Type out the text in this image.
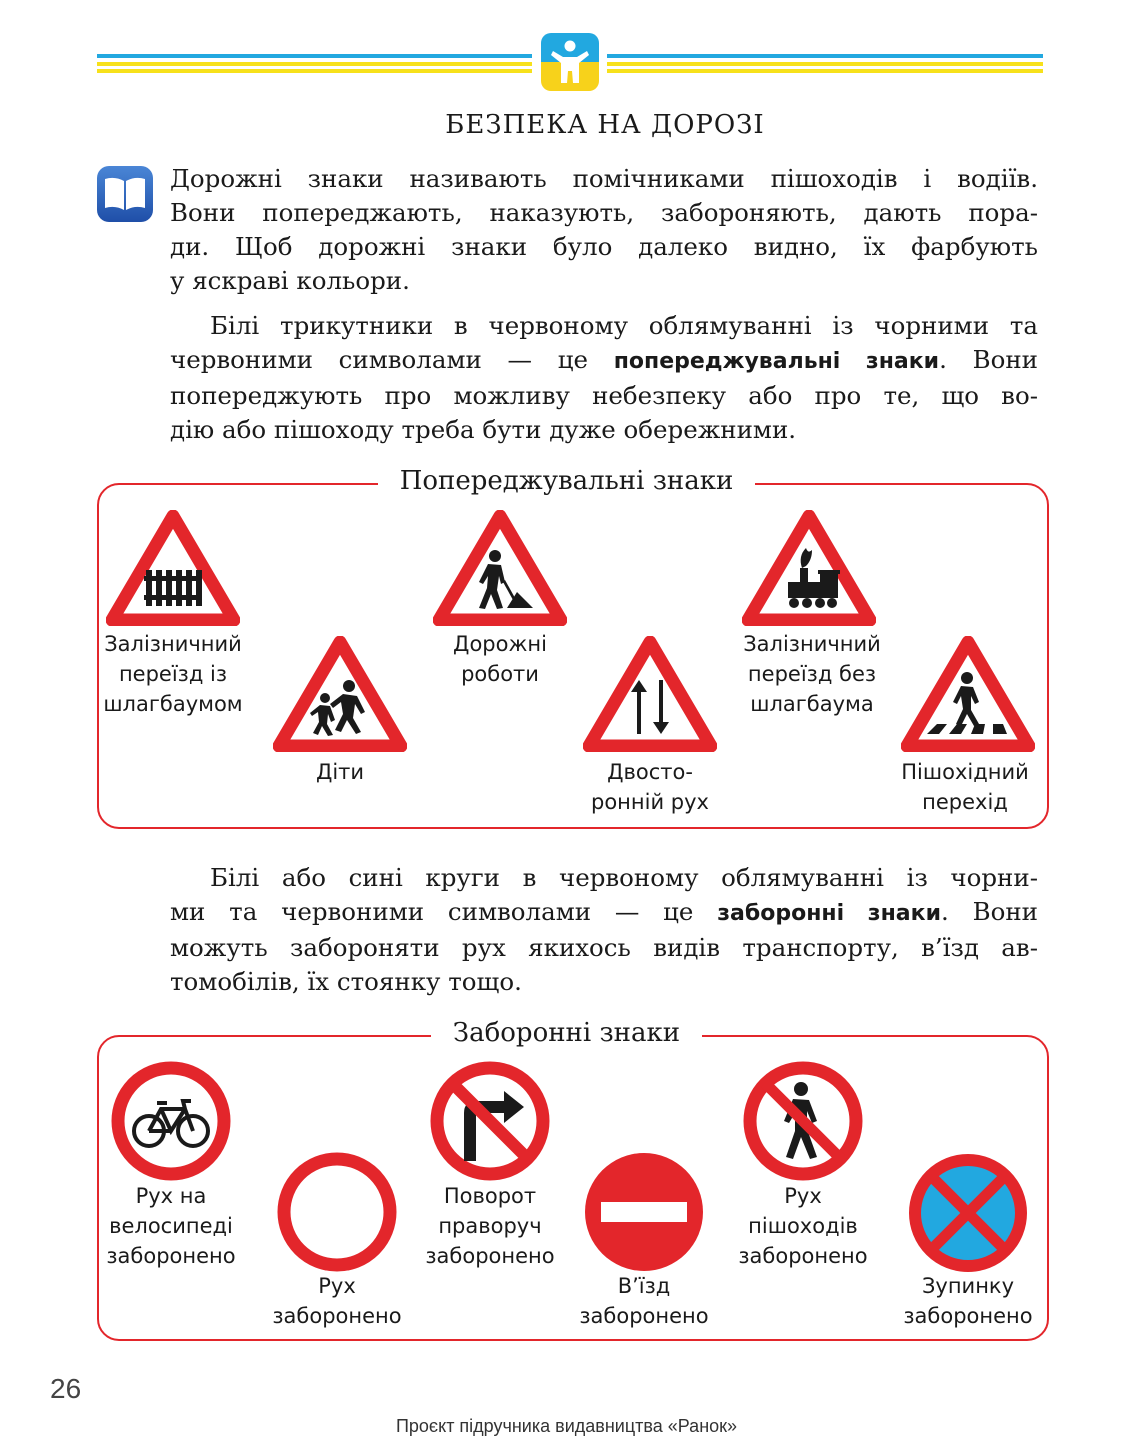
БЕЗПЕКА НА ДОРОЗІ
Дорожні знаки називають помічниками пішоходів і водіїв.
Вони попереджають, наказують, забороняють, дають пора-
ди. Щоб дорожні знаки було далеко видно, їх фарбують
у яскраві кольори.
Білі трикутники в червоному облямуванні із чорними та
червоними символами — це попереджувальні знаки. Вони
попереджують про можливу небезпеку або про те, що во-
дію або пішоходу треба бути дуже обережними.
Попереджувальні знаки
Залізничний
переїзд із
шлагбаумом
Діти
Дорожні
роботи
Двосто-
ронній рух
Залізничний
переїзд без
шлагбаума
Пішохідний
перехід
Білі або сині круги в червоному облямуванні із чорни-
ми та червоними символами — це заборонні знаки. Вони
можуть забороняти рух якихось видів транспорту, в’їзд ав-
томобілів, їх стоянку тощо.
Заборонні знаки
Рух на
велосипеді
заборонено
Рух
заборонено
Поворот
праворуч
заборонено
В’їзд
заборонено
Рух
пішоходів
заборонено
Зупинку
заборонено
26
Проєкт підручника видавництва «Ранок»
